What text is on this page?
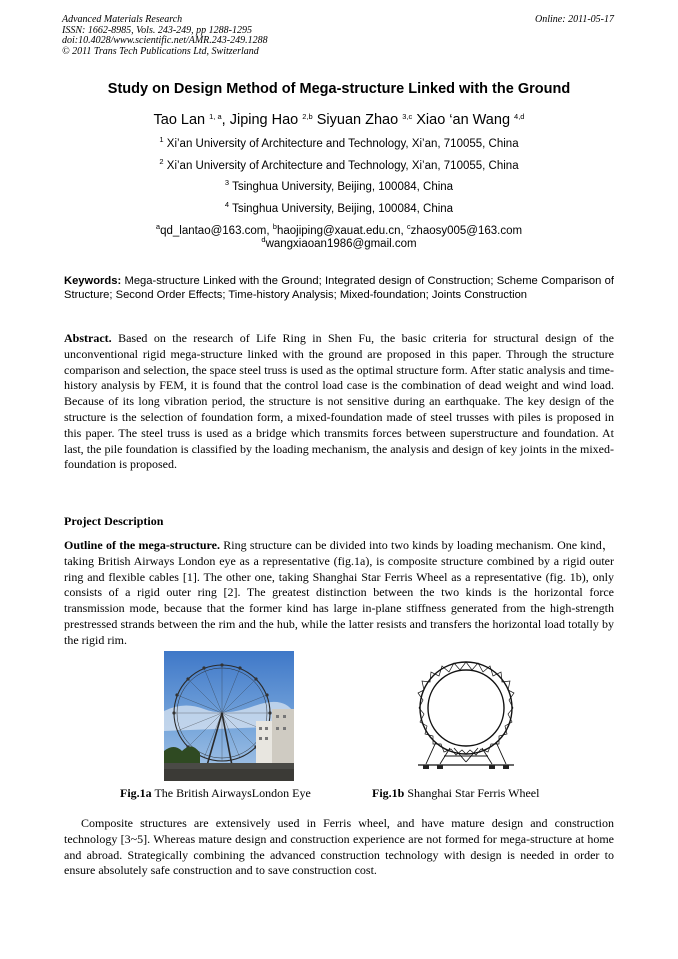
Advanced Materials Research
ISSN: 1662-8985, Vols. 243-249, pp 1288-1295
doi:10.4028/www.scientific.net/AMR.243-249.1288
© 2011 Trans Tech Publications Ltd, Switzerland
Online: 2011-05-17
Study on Design Method of Mega-structure Linked with the Ground
Tao Lan $^{1, a}$, Jiping Hao $^{2,b}$ Siyuan Zhao $^{3,c}$ Xiao ‘an Wang $^{4,d}$
$^1$ Xi’an University of Architecture and Technology, Xi’an, 710055, China
$^2$ Xi’an University of Architecture and Technology, Xi’an, 710055, China
$^3$ Tsinghua University, Beijing, 100084, China
$^4$ Tsinghua University, Beijing, 100084, China
$^a$qd_lantao@163.com, $^b$haojiping@xauat.edu.cn, $^c$zhaosy005@163.com
$^d$wangxiaoan1986@gmail.com
Keywords: Mega-structure Linked with the Ground; Integrated design of Construction; Scheme Comparison of Structure; Second Order Effects; Time-history Analysis; Mixed-foundation; Joints Construction
Abstract. Based on the research of Life Ring in Shen Fu, the basic criteria for structural design of the unconventional rigid mega-structure linked with the ground are proposed in this paper. Through the structure comparison and selection, the space steel truss is used as the optimal structure form. After static analysis and time-history analysis by FEM, it is found that the control load case is the combination of dead weight and wind load. Because of its long vibration period, the structure is not sensitive during an earthquake. The key design of the structure is the selection of foundation form, a mixed-foundation made of steel trusses with piles is proposed in this paper. The steel truss is used as a bridge which transmits forces between superstructure and foundation. At last, the pile foundation is classified by the loading mechanism, the analysis and design of key joints in the mixed-foundation is proposed.
Project Description
Outline of the mega-structure. Ring structure can be divided into two kinds by loading mechanism. One kind，taking British Airways London eye as a representative (fig.1a), is composite structure combined by a rigid outer ring and flexible cables [1]. The other one, taking Shanghai Star Ferris Wheel as a representative (fig. 1b), only consists of a rigid outer ring [2]. The greatest distinction between the two kinds is the horizontal force transmission mode, because that the former kind has large in-plane stiffness generated from the high-strength prestressed strands between the rim and the hub, while the latter resists and transfers the horizontal load totally by the rigid rim.
Fig.1a The British AirwaysLondon Eye	Fig.1b Shanghai Star Ferris Wheel
Composite structures are extensively used in Ferris wheel, and have mature design and construction technology [3~5]. Whereas mature design and construction experience are not formed for mega-structure at home and abroad. Strategically combining the advanced construction technology with design is needed in order to ensure absolutely safe construction and to save construction cost.
